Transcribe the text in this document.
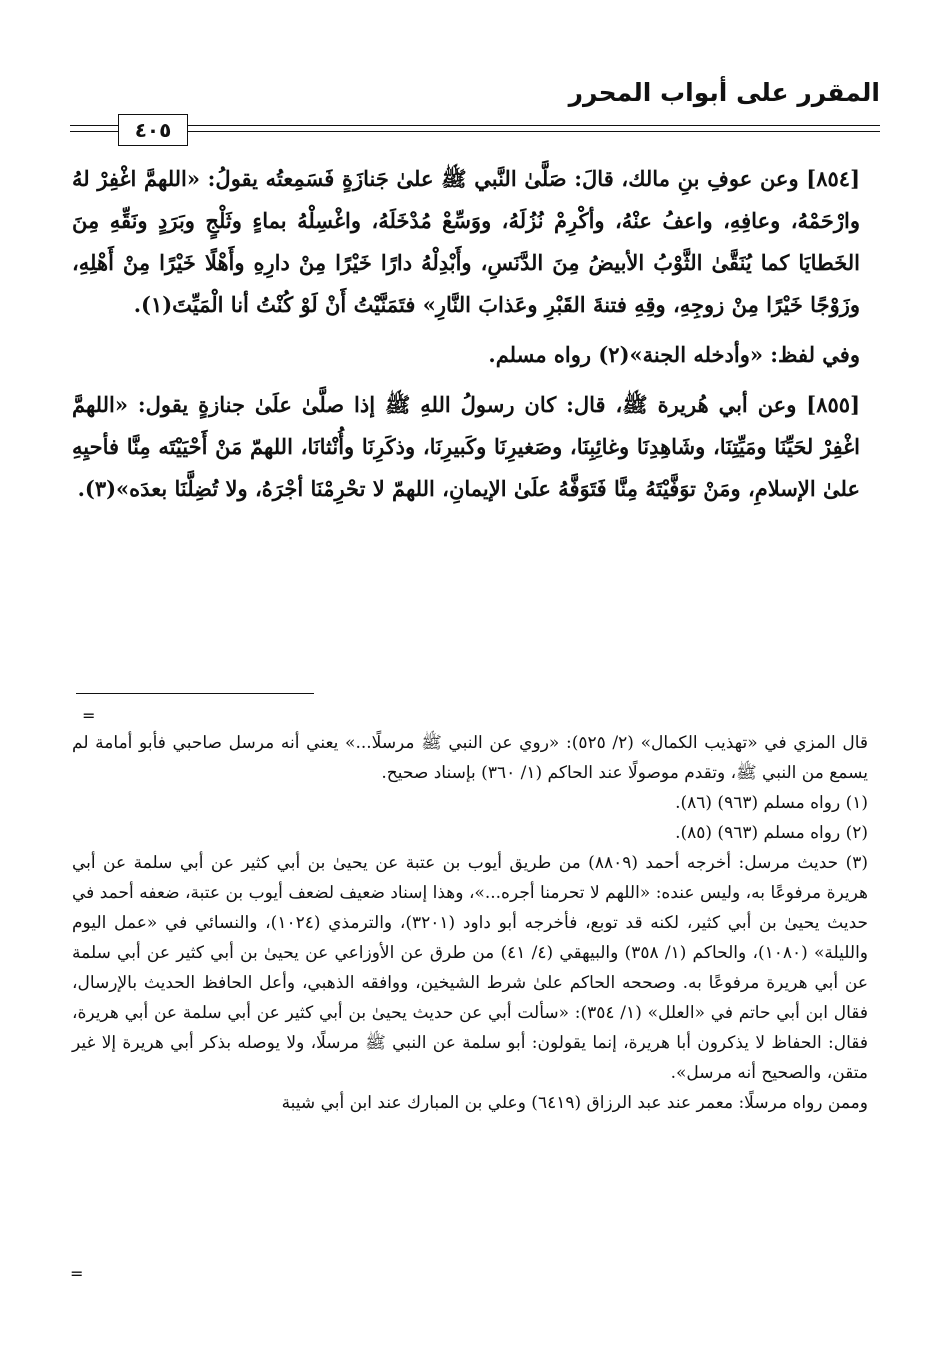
المقرر على أبواب المحرر
٤٠٥

[٨٥٤] وعن عوفِ بنِ مالك، قالَ: صَلَّىٰ النَّبي ﷺ علىٰ جَنازَةٍ فَسَمِعتُه يقولُ: «اللهمَّ اغْفِرْ لهُ وارْحَمْهُ، وعافِهِ، واعفُ عنْهُ، وأكْرِمْ نُزُلَهُ، ووَسِّعْ مُدْخَلَهُ، واغْسِلْهُ بماءٍ وثَلْجٍ وبَرَدٍ ونَقِّهِ مِنَ الخَطايَا كما يُنَقَّىٰ الثَّوْبُ الأبيضُ مِنَ الدَّنَسِ، وأَبْدِلْهُ دارًا خَيْرًا مِنْ دارِهِ وأَهْلًا خَيْرًا مِنْ أَهْلِهِ، وزَوْجًا خَيْرًا مِنْ زوجِهِ، وقِهِ فتنةَ القَبْرِ وعَذابَ النَّارِ» فتَمَنَّيْتُ أَنْ لَوْ كُنْتُ أنا الْمَيِّتَ(١).

وفي لفظ: «وأدخله الجنة»(٢) رواه مسلم.

[٨٥٥] وعن أبي هُريرة ﷺ، قال: كان رسولُ اللهِ ﷺ إذا صلَّىٰ علَىٰ جنازةٍ يقول: «اللهمَّ اغْفِرْ لحَيِّنَا ومَيِّتِنَا، وشَاهِدِنَا وغائِبِنَا، وصَغيرِنَا وكَبيرِنَا، وذكَرِنَا وأُنْثانَا، اللهمّ مَنْ أَحْيَيْتَه مِنَّا فأحيِهِ علىٰ الإسلامِ، ومَنْ توَفَّيْتَهُ مِنَّا فَتَوَفَّهُ علَىٰ الإيمانِ، اللهمّ لا تحْرِمْنَا أجْرَهُ، ولا تُضِلَّنَا بعدَه»(٣).

=

قال المزي في «تهذيب الكمال» (٢/ ٥٢٥): «روي عن النبي ﷺ مرسلًا...» يعني أنه مرسل صاحبي فأبو أمامة لم يسمع من النبي ﷺ، وتقدم موصولًا عند الحاكم (١/ ٣٦٠) بإسناد صحيح.

(١) رواه مسلم (٩٦٣) (٨٦).

(٢) رواه مسلم (٩٦٣) (٨٥).

(٣) حديث مرسل: أخرجه أحمد (٨٨٠٩) من طريق أيوب بن عتبة عن يحيىٰ بن أبي كثير عن أبي سلمة عن أبي هريرة مرفوعًا به، وليس عنده: «اللهم لا تحرمنا أجره...»، وهذا إسناد ضعيف لضعف أيوب بن عتبة، ضعفه أحمد في حديث يحيىٰ بن أبي كثير، لكنه قد توبع، فأخرجه أبو داود (٣٢٠١)، والترمذي (١٠٢٤)، والنسائي في «عمل اليوم والليلة» (١٠٨٠)، والحاكم (١/ ٣٥٨) والبيهقي (٤/ ٤١) من طرق عن الأوزاعي عن يحيىٰ بن أبي كثير عن أبي سلمة عن أبي هريرة مرفوعًا به. وصححه الحاكم علىٰ شرط الشيخين، ووافقه الذهبي، وأعل الحافظ الحديث بالإرسال، فقال ابن أبي حاتم في «العلل» (١/ ٣٥٤): «سألت أبي عن حديث يحيىٰ بن أبي كثير عن أبي سلمة عن أبي هريرة، فقال: الحفاظ لا يذكرون أبا هريرة، إنما يقولون: أبو سلمة عن النبي ﷺ مرسلًا، ولا يوصله بذكر أبي هريرة إلا غير متقن، والصحيح أنه مرسل».

وممن رواه مرسلًا: معمر عند عبد الرزاق (٦٤١٩) وعلي بن المبارك عند ابن أبي شيبة

=
